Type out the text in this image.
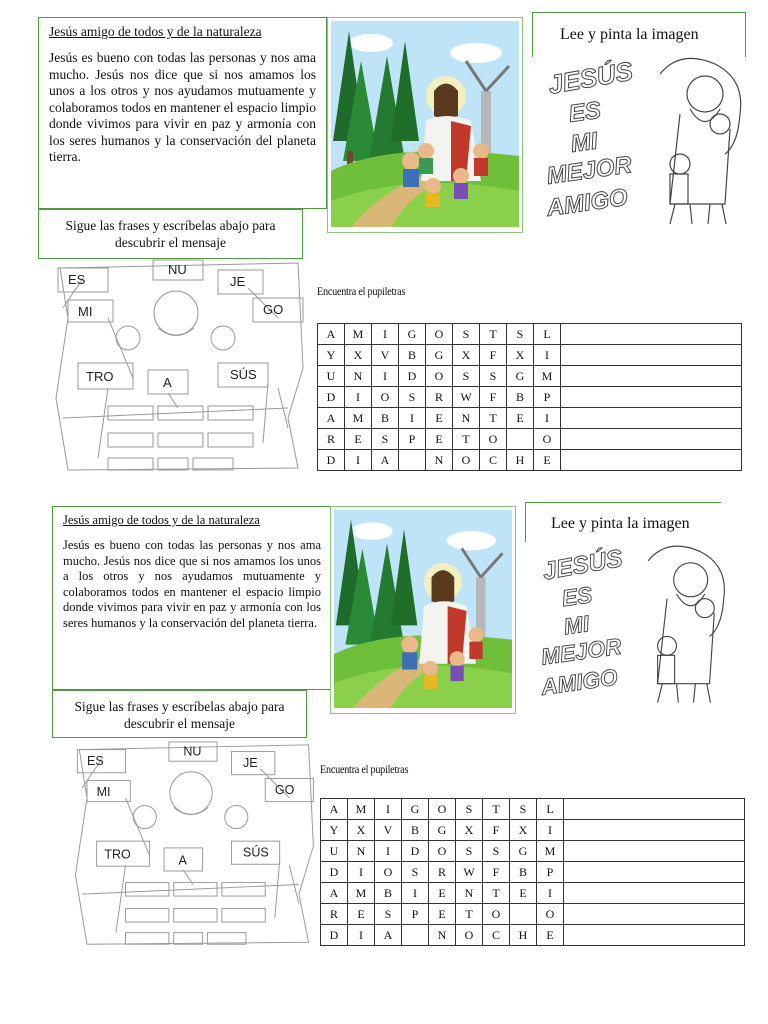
Jesús amigo de todos y de la naturaleza

Jesús es bueno con todas las personas y nos ama mucho. Jesús nos dice que si nos amamos los unos a los otros y nos ayudamos mutuamente y colaboramos todos en mantener el espacio limpio donde vivimos para vivir en paz y armonía con los seres humanos y la conservación del planeta tierra.

Sigue las frases y escríbelas abajo para descubrir el mensaje
Lee y pinta la imagen
JESÚS
ES
MI
MEJOR
AMIGO
ES
NU
JE
MI	GO
TRO	A
SÚS
Encuentra el pupiletras
A	M	I	G	O	S	T	S	L	
Y	X	V	B	G	X	F	X	I	
U	N	I	D	O	S	S	G	M	
D	I	O	S	R	W	F	B	P	
A	M	B	I	E	N	T	E	I	
R	E	S	P	E	T	O		O	
D	I	A		N	O	C	H	E	

Jesús amigo de todos y de la naturaleza

Jesús es bueno con todas las personas y nos ama mucho. Jesús nos dice que si nos amamos los unos a los otros y nos ayudamos mutuamente y colaboramos todos en mantener el espacio limpio donde vivimos para vivir en paz y armonía con los seres humanos y la conservación del planeta tierra.

Sigue las frases y escríbelas abajo para descubrir el mensaje
Lee y pinta la imagen
JESÚS
ES
MI
MEJOR
AMIGO
ES
NU
JE
MI	GO
TRO	A
SÚS
Encuentra el pupiletras
A	M	I	G	O	S	T	S	L	
Y	X	V	B	G	X	F	X	I	
U	N	I	D	O	S	S	G	M	
D	I	O	S	R	W	F	B	P	
A	M	B	I	E	N	T	E	I	
R	E	S	P	E	T	O		O	
D	I	A		N	O	C	H	E	
